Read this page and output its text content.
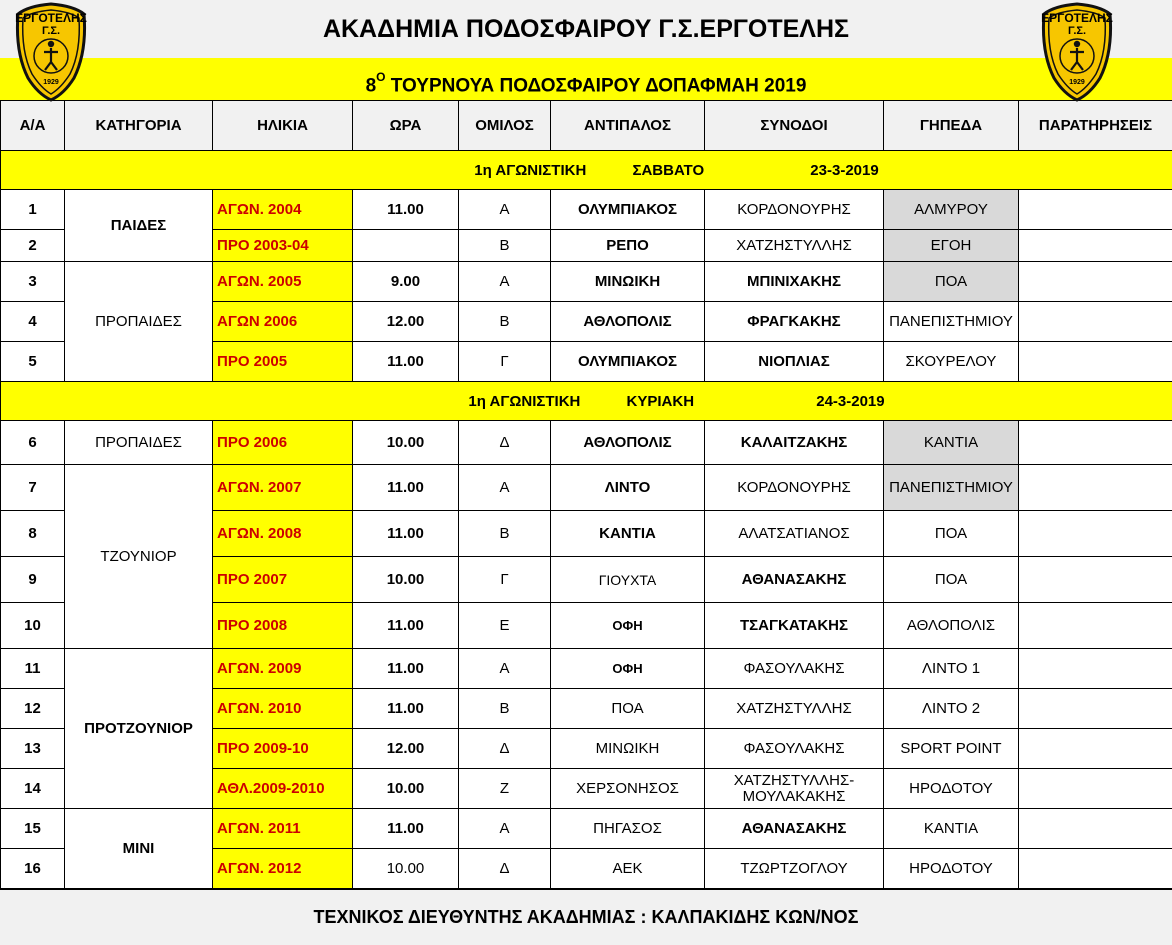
ΑΚΑΔΗΜΙΑ ΠΟΔΟΣΦΑΙΡΟΥ Γ.Σ.ΕΡΓΟΤΕΛΗΣ
$8^O$ ΤΟΥΡΝΟΥΑ ΠΟΔΟΣΦΑΙΡΟΥ ΔΟΠΑΦΜΑΗ 2019
ΕΡΓΟΤΕΛΗΣ
Γ.Σ.
1929
ΕΡΓΟΤΕΛΗΣ
Γ.Σ.
1929
Α/Α	ΚΑΤΗΓΟΡΙΑ	ΗΛΙΚΙΑ	ΩΡΑ	ΟΜΙΛΟΣ	ΑΝΤΙΠΑΛΟΣ	ΣΥΝΟΔΟΙ	ΓΗΠΕΔΑ	ΠΑΡΑΤΗΡΗΣΕΙΣ
1η ΑΓΩΝΙΣΤΙΚΗ ΣΑΒΒΑΤΟ 23-3-2019								
1	ΠΑΙΔΕΣ	ΑΓΩΝ. 2004	11.00	Α	ΟΛΥΜΠΙΑΚΟΣ	ΚΟΡΔΟΝΟΥΡΗΣ	ΑΛΜΥΡΟΥ	
2		ΠΡΟ 2003-04		Β	ΡΕΠΟ	ΧΑΤΖΗΣΤΥΛΛΗΣ	ΕΓΟΗ	
3	ΠΡΟΠΑΙΔΕΣ	ΑΓΩΝ. 2005	9.00	Α	ΜΙΝΩΙΚΗ	ΜΠΙΝΙΧΑΚΗΣ	ΠΟΑ	
4		ΑΓΩΝ 2006	12.00	Β	ΑΘΛΟΠΟΛΙΣ	ΦΡΑΓΚΑΚΗΣ	ΠΑΝΕΠΙΣΤΗΜΙΟΥ	
5		ΠΡΟ 2005	11.00	Γ	ΟΛΥΜΠΙΑΚΟΣ	ΝΙΟΠΛΙΑΣ	ΣΚΟΥΡΕΛΟΥ	
1η ΑΓΩΝΙΣΤΙΚΗ ΚΥΡΙΑΚΗ 24-3-2019								
6	ΠΡΟΠΑΙΔΕΣ	ΠΡΟ 2006	10.00	Δ	ΑΘΛΟΠΟΛΙΣ	ΚΑΛΑΙΤΖΑΚΗΣ	ΚΑΝΤΙΑ	
7	ΤΖΟΥΝΙΟΡ	ΑΓΩΝ. 2007	11.00	Α	ΛΙΝΤΟ	ΚΟΡΔΟΝΟΥΡΗΣ	ΠΑΝΕΠΙΣΤΗΜΙΟΥ	
8		ΑΓΩΝ. 2008	11.00	Β	ΚΑΝΤΙΑ	ΑΛΑΤΣΑΤΙΑΝΟΣ	ΠΟΑ	
9		ΠΡΟ 2007	10.00	Γ	ΓΙΟΥΧΤΑ	ΑΘΑΝΑΣΑΚΗΣ	ΠΟΑ	
10		ΠΡΟ 2008	11.00	Ε	ΟΦΗ	ΤΣΑΓΚΑΤΑΚΗΣ	ΑΘΛΟΠΟΛΙΣ	
11	ΠΡΟΤΖΟΥΝΙΟΡ	ΑΓΩΝ. 2009	11.00	Α	ΟΦΗ	ΦΑΣΟΥΛΑΚΗΣ	ΛΙΝΤΟ 1	
12		ΑΓΩΝ. 2010	11.00	Β	ΠΟΑ	ΧΑΤΖΗΣΤΥΛΛΗΣ	ΛΙΝΤΟ 2	
13		ΠΡΟ 2009-10	12.00	Δ	ΜΙΝΩΙΚΗ	ΦΑΣΟΥΛΑΚΗΣ	SPORT POINT	
14		ΑΘΛ.2009-2010	10.00	Ζ	ΧΕΡΣΟΝΗΣΟΣ	ΧΑΤΖΗΣΤΥΛΛΗΣ-ΜΟΥΛΑΚΑΚΗΣ	ΗΡΟΔΟΤΟΥ	
15	ΜΙΝΙ	ΑΓΩΝ. 2011	11.00	Α	ΠΗΓΑΣΟΣ	ΑΘΑΝΑΣΑΚΗΣ	ΚΑΝΤΙΑ	
16		ΑΓΩΝ. 2012	10.00	Δ	ΑΕΚ	ΤΖΩΡΤΖΟΓΛΟΥ	ΗΡΟΔΟΤΟΥ	
ΤΕΧΝΙΚΟΣ ΔΙΕΥΘΥΝΤΗΣ ΑΚΑΔΗΜΙΑΣ : ΚΑΛΠΑΚΙΔΗΣ ΚΩΝ/ΝΟΣ
